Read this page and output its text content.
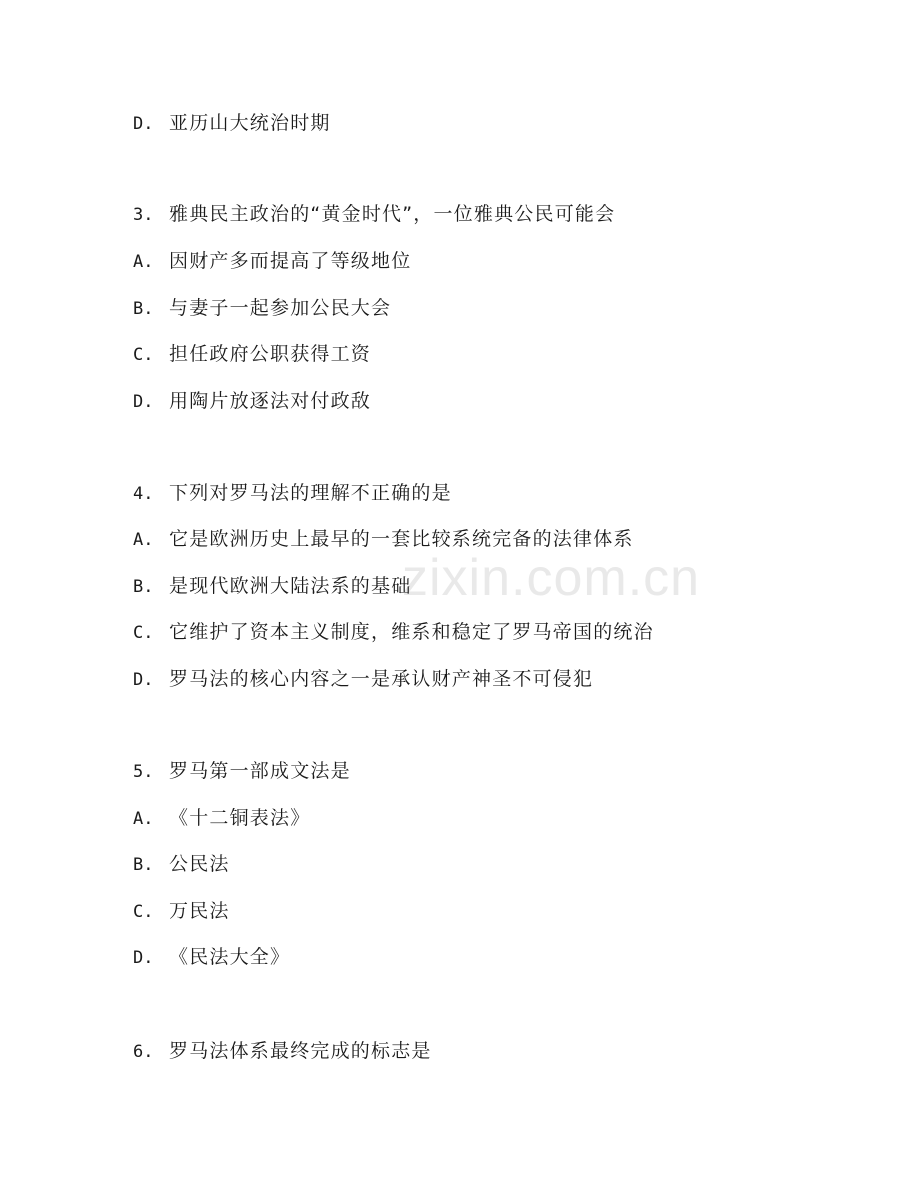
zixin.com.cn
D. 亚历山大统治时期
3. 雅典民主政治的“黄金时代”，一位雅典公民可能会
A. 因财产多而提高了等级地位
B. 与妻子一起参加公民大会
C. 担任政府公职获得工资
D. 用陶片放逐法对付政敌
4. 下列对罗马法的理解不正确的是
A. 它是欧洲历史上最早的一套比较系统完备的法律体系
B. 是现代欧洲大陆法系的基础
C. 它维护了资本主义制度，维系和稳定了罗马帝国的统治
D. 罗马法的核心内容之一是承认财产神圣不可侵犯
5. 罗马第一部成文法是
A. 《十二铜表法》
B. 公民法
C. 万民法
D. 《民法大全》
6. 罗马法体系最终完成的标志是
